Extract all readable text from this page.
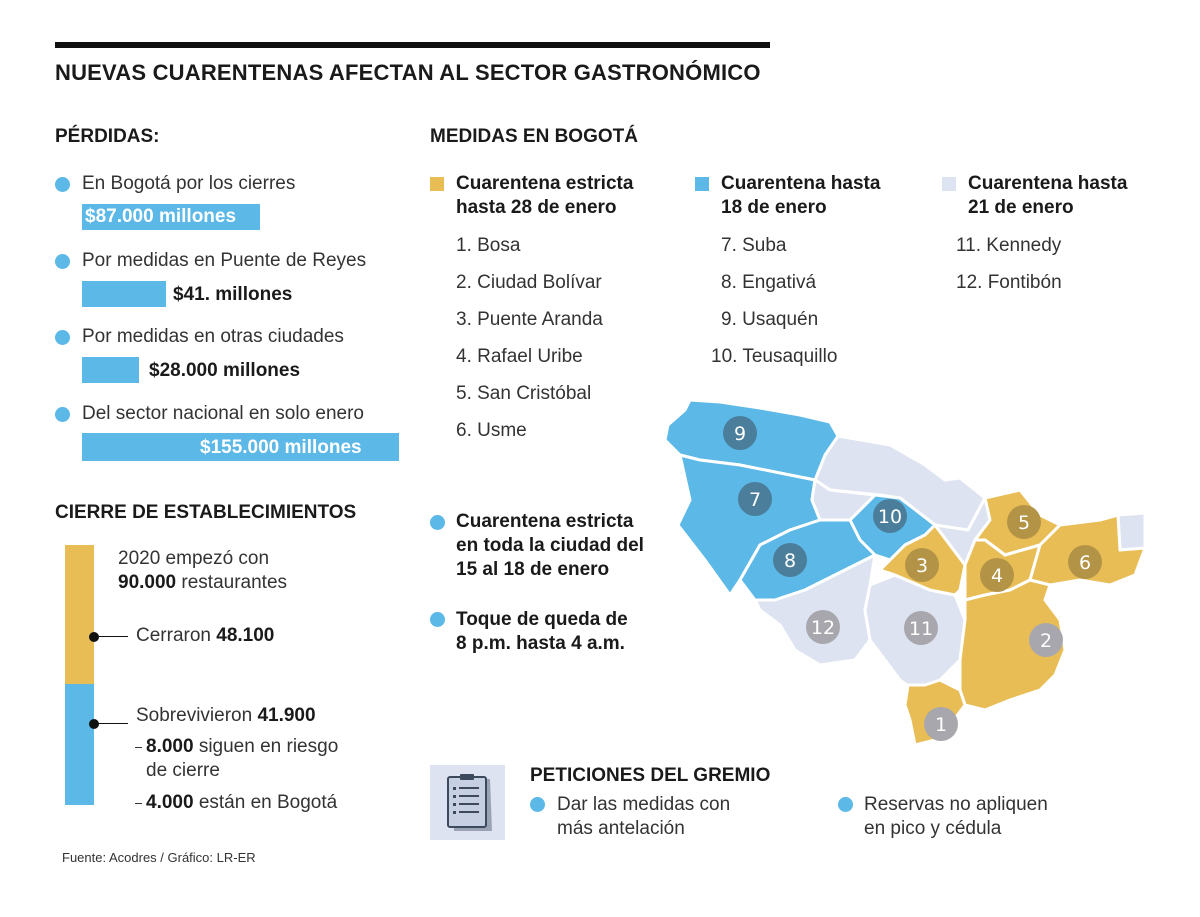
NUEVAS CUARENTENAS AFECTAN AL SECTOR GASTRONÓMICO
PÉRDIDAS:
En Bogotá por los cierres
$87.000 millones
Por medidas en Puente de Reyes
$41. millones
Por medidas en otras ciudades
$28.000 millones
Del sector nacional en solo enero
$155.000 millones
CIERRE DE ESTABLECIMIENTOS
2020 empezó con
90.000 restaurantes
Cerraron 48.100
Sobrevivieron 41.900
8.000 siguen en riesgo
de cierre
4.000 están en Bogotá
MEDIDAS EN BOGOTÁ
Cuarentena estricta
hasta 28 de enero
1. Bosa
2. Ciudad Bolívar
3. Puente Aranda
4. Rafael Uribe
5. San Cristóbal
6. Usme
Cuarentena hasta
18 de enero
7. Suba
8. Engativá
9. Usaquén
10. Teusaquillo
Cuarentena hasta
21 de enero
11. Kennedy
12. Fontibón
Cuarentena estricta
en toda la ciudad del
15 al 18 de enero
Toque de queda de
8 p.m. hasta 4 a.m.
9
7
8
10
12	11
3
5
4
6
2
1
PETICIONES DEL GREMIO
Dar las medidas con
más antelación
Reservas no apliquen
en pico y cédula
Fuente: Acodres / Gráfico: LR-ER
